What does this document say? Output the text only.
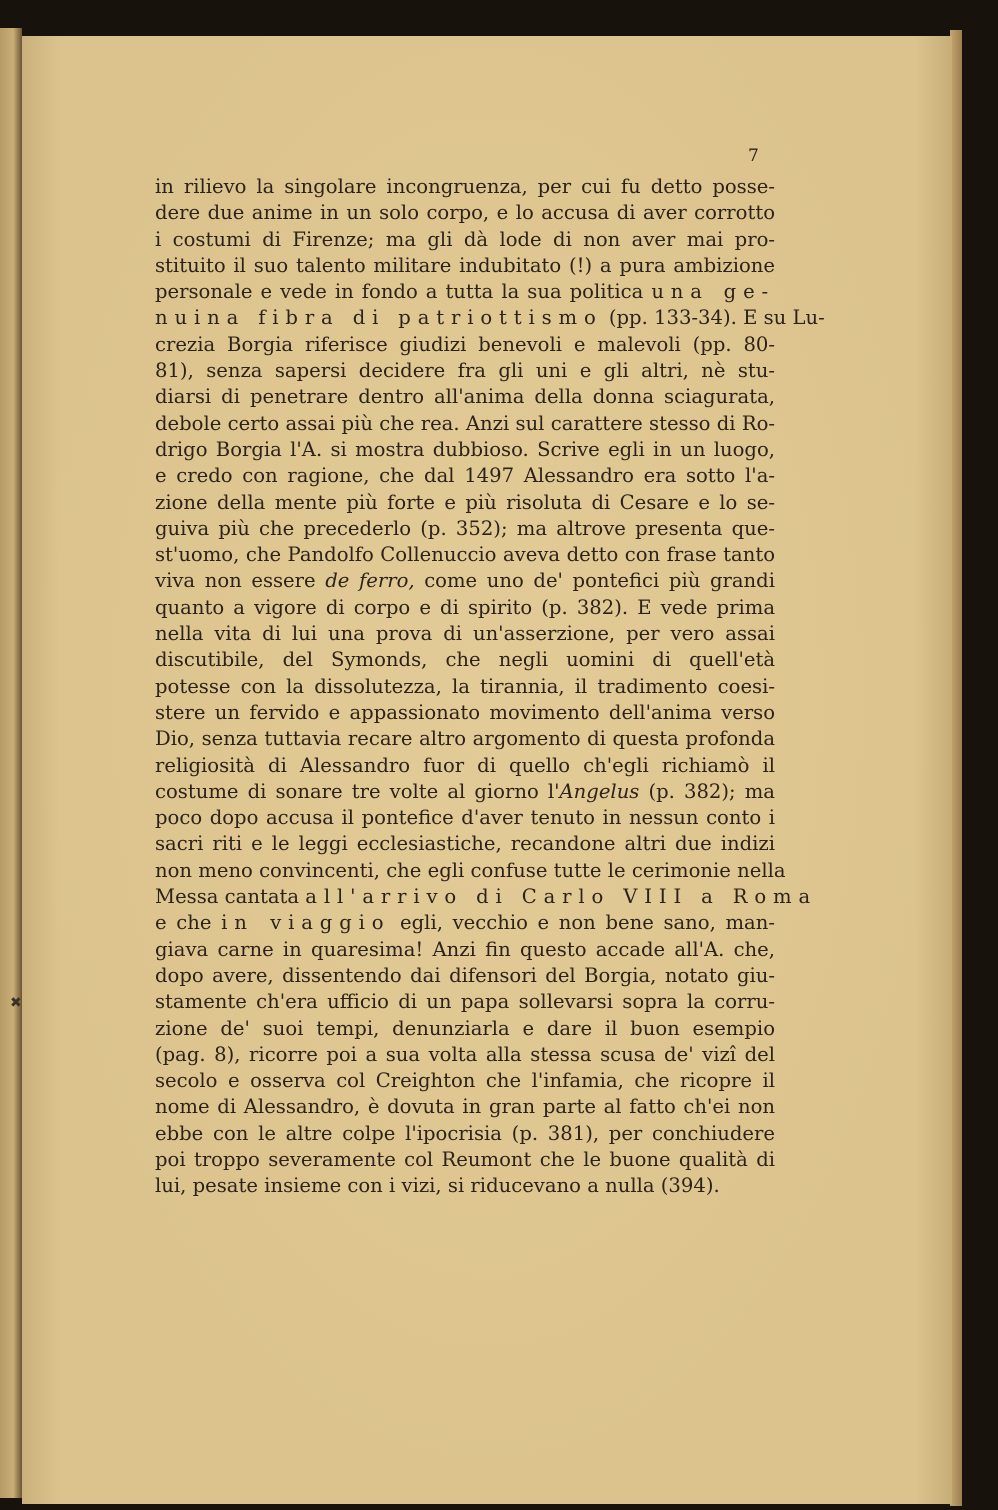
✖
7
in rilievo la singolare incongruenza, per cui fu detto posse-
dere due anime in un solo corpo, e lo accusa di aver corrotto
i costumi di Firenze; ma gli dà lode di non aver mai pro-
stituito il suo talento militare indubitato (!) a pura ambizione
personale e vede in fondo a tutta la sua politica una ge-
nuina fibra di patriottismo (pp. 133-34). E su Lu-
crezia Borgia riferisce giudizi benevoli e malevoli (pp. 80-
81), senza sapersi decidere fra gli uni e gli altri, nè stu-
diarsi di penetrare dentro all'anima della donna sciagurata,
debole certo assai più che rea. Anzi sul carattere stesso di Ro-
drigo Borgia l'A. si mostra dubbioso. Scrive egli in un luogo,
e credo con ragione, che dal 1497 Alessandro era sotto l'a-
zione della mente più forte e più risoluta di Cesare e lo se-
guiva più che precederlo (p. 352); ma altrove presenta que-
st'uomo, che Pandolfo Collenuccio aveva detto con frase tanto
viva non essere de ferro, come uno de' pontefici più grandi
quanto a vigore di corpo e di spirito (p. 382). E vede prima
nella vita di lui una prova di un'asserzione, per vero assai
discutibile, del Symonds, che negli uomini di quell'età
potesse con la dissolutezza, la tirannia, il tradimento coesi-
stere un fervido e appassionato movimento dell'anima verso
Dio, senza tuttavia recare altro argomento di questa profonda
religiosità di Alessandro fuor di quello ch'egli richiamò il
costume di sonare tre volte al giorno l'Angelus (p. 382); ma
poco dopo accusa il pontefice d'aver tenuto in nessun conto i
sacri riti e le leggi ecclesiastiche, recandone altri due indizi
non meno convincenti, che egli confuse tutte le cerimonie nella
Messa cantata all'arrivo di Carlo VIII a Roma
e che in viaggio egli, vecchio e non bene sano, man-
giava carne in quaresima! Anzi fin questo accade all'A. che,
dopo avere, dissentendo dai difensori del Borgia, notato giu-
stamente ch'era ufficio di un papa sollevarsi sopra la corru-
zione de' suoi tempi, denunziarla e dare il buon esempio
(pag. 8), ricorre poi a sua volta alla stessa scusa de' vizî del
secolo e osserva col Creighton che l'infamia, che ricopre il
nome di Alessandro, è dovuta in gran parte al fatto ch'ei non
ebbe con le altre colpe l'ipocrisia (p. 381), per conchiudere
poi troppo severamente col Reumont che le buone qualità di
lui, pesate insieme con i vizi, si riducevano a nulla (394).
